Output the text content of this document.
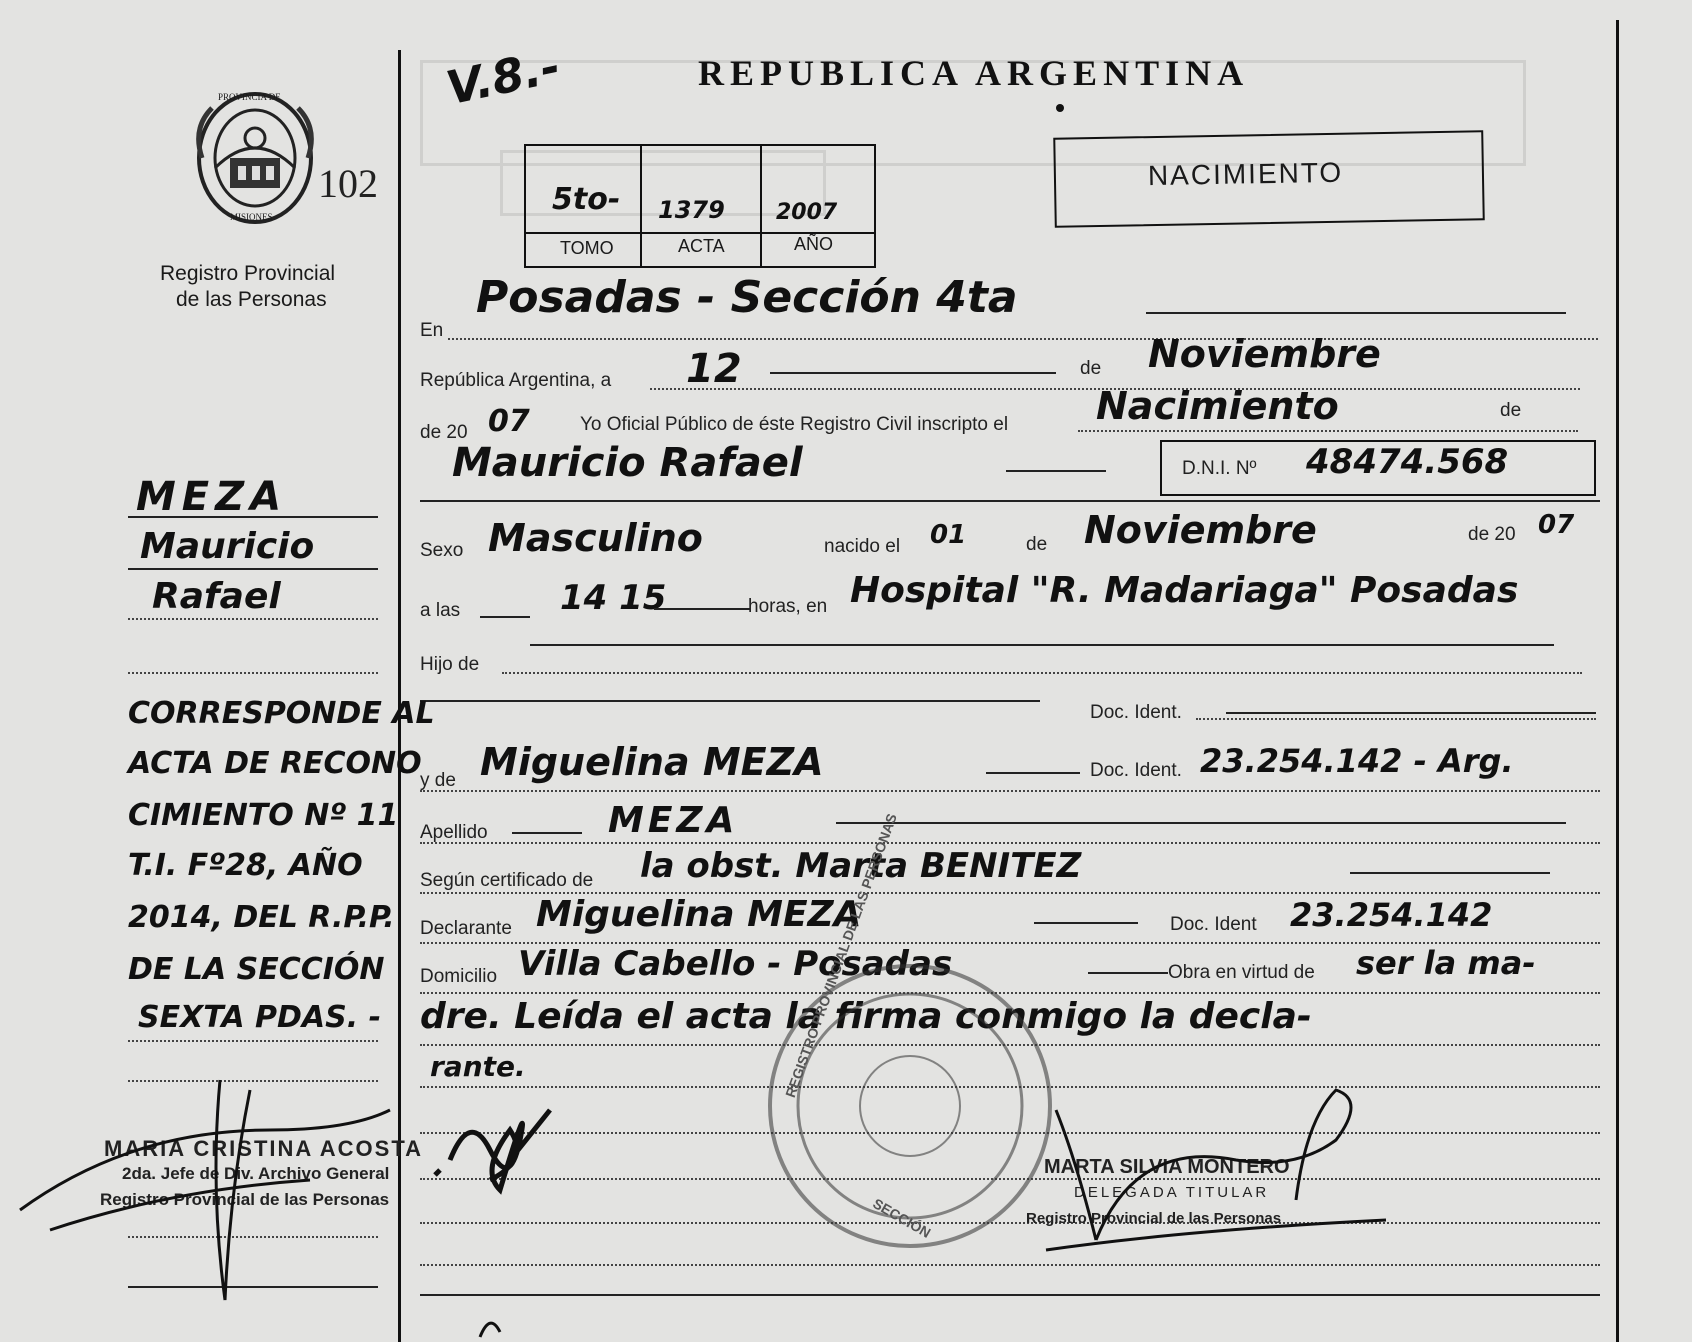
PROVINCIA DE
MISIONES
102
Registro Provincial
de las Personas
V.8.-	REPUBLICA ARGENTINA
5to- 1379 2007
TOMO	ACTA	AÑO
NACIMIENTO
En
Posadas - Sección 4ta
República Argentina, a 12	de Noviembre
de 20 07	Yo Oficial Público de éste Registro Civil inscripto el Nacimiento	de
Mauricio Rafael	D.N.I. Nº 48474.568
Sexo Masculino	nacido el 01	de Noviembre	de 20 07
a las	14 15	horas, en Hospital "R. Madariaga" Posadas
Hijo de
Doc. Ident.
y de Miguelina MEZA	Doc. Ident. 23.254.142 - Arg.
Apellido	MEZA
Según certificado de la obst. Marta BENITEZ
Declarante Miguelina MEZA	Doc. Ident 23.254.142
Domicilio Villa Cabello - Posadas	Obra en virtud de ser la ma-
dre. Leída el acta la firma conmigo la decla-
rante.
MEZA
Mauricio
Rafael
CORRESPONDE AL
ACTA DE RECONO
CIMIENTO Nº 11
T.I. Fº28, AÑO
2014, DEL R.P.P.
DE LA SECCIÓN
SEXTA PDAS. -
MARIA CRISTINA ACOSTA
2da. Jefe de Div. Archivo General
Registro Provincial de las Personas
REGISTRO PROVINCIAL DE LAS PERSONAS
SECCIÓN
MARTA SILVIA MONTERO
DELEGADA TITULAR
Registro Provincial de las Personas
